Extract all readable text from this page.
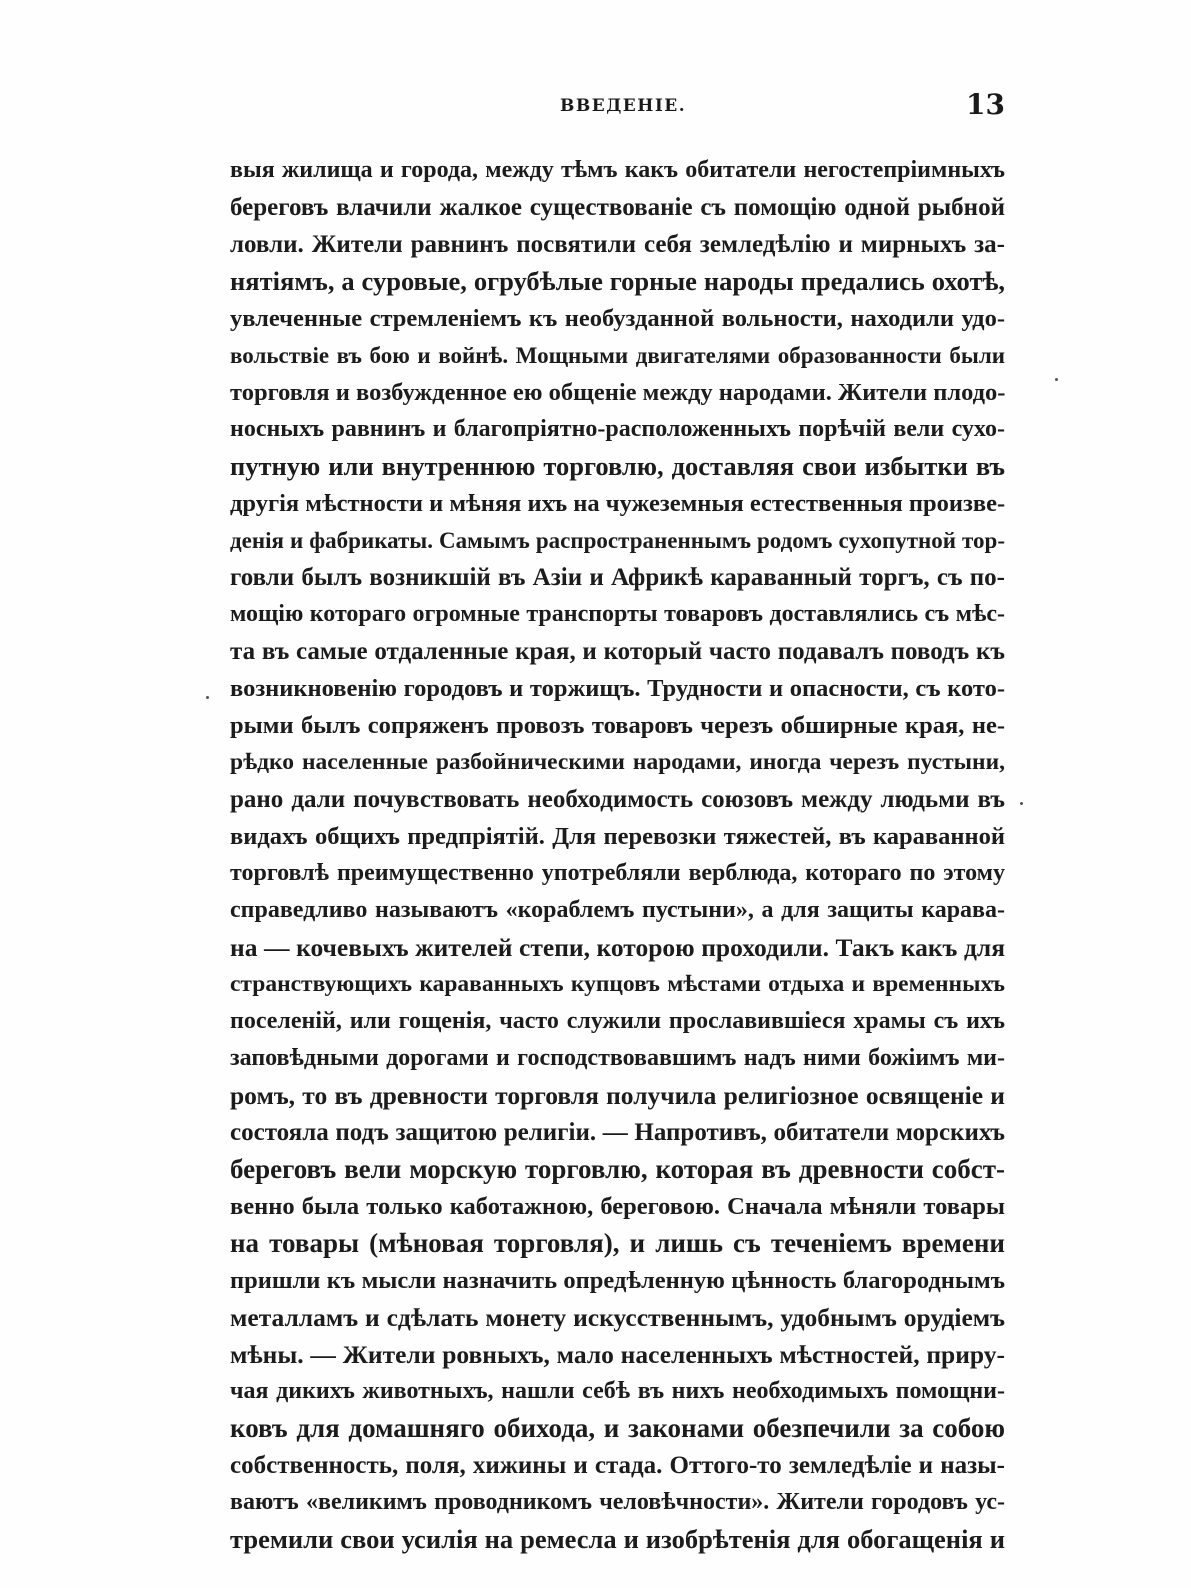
ВВЕДЕНІЕ.	13
выя жилища и города, между тѣмъ какъ обитатели негостепріимныхъ
береговъ влачили жалкое существованіе съ помощію одной рыбной
ловли. Жители равнинъ посвятили себя земледѣлію и мирныхъ за-
нятіямъ, а суровые, огрубѣлые горные народы предались охотѣ,
увлеченные стремленіемъ къ необузданной вольности, находили удо-
вольствіе въ бою и войнѣ. Мощными двигателями образованности были
торговля и возбужденное ею общеніе между народами. Жители плодо-
носныхъ равнинъ и благопріятно-расположенныхъ порѣчій вели сухо-
путную или внутреннюю торговлю, доставляя свои избытки въ
другія мѣстности и мѣняя ихъ на чужеземныя естественныя произве-
денія и фабрикаты. Самымъ распространеннымъ родомъ сухопутной тор-
говли былъ возникшій въ Азіи и Африкѣ караванный торгъ, съ по-
мощію котораго огромные транспорты товаровъ доставлялись съ мѣс-
та въ самые отдаленные края, и который часто подавалъ поводъ къ
возникновенію городовъ и торжищъ. Трудности и опасности, съ кото-
рыми былъ сопряженъ провозъ товаровъ черезъ обширные края, не-
рѣдко населенные разбойническими народами, иногда черезъ пустыни,
рано дали почувствовать необходимость союзовъ между людьми въ
видахъ общихъ предпріятій. Для перевозки тяжестей, въ караванной
торговлѣ преимущественно употребляли верблюда, котораго по этому
справедливо называютъ «кораблемъ пустыни», а для защиты карава-
на — кочевыхъ жителей степи, которою проходили. Такъ какъ для
странствующихъ караванныхъ купцовъ мѣстами отдыха и временныхъ
поселеній, или гощенія, часто служили прославившіеся храмы съ ихъ
заповѣдными дорогами и господствовавшимъ надъ ними божіимъ ми-
ромъ, то въ древности торговля получила религіозное освященіе и
состояла подъ защитою религіи. — Напротивъ, обитатели морскихъ
береговъ вели морскую торговлю, которая въ древности собст-
венно была только каботажною, береговою. Сначала мѣняли товары
на товары (мѣновая торговля), и лишь съ теченіемъ времени
пришли къ мысли назначить опредѣленную цѣнность благороднымъ
металламъ и сдѣлать монету искусственнымъ, удобнымъ орудіемъ
мѣны. — Жители ровныхъ, мало населенныхъ мѣстностей, приру-
чая дикихъ животныхъ, нашли себѣ въ нихъ необходимыхъ помощни-
ковъ для домашняго обихода, и законами обезпечили за собою
собственность, поля, хижины и стада. Оттого-то земледѣліе и назы-
ваютъ «великимъ проводникомъ человѣчности». Жители городовъ ус-
тремили свои усилія на ремесла и изобрѣтенія для обогащенія и
